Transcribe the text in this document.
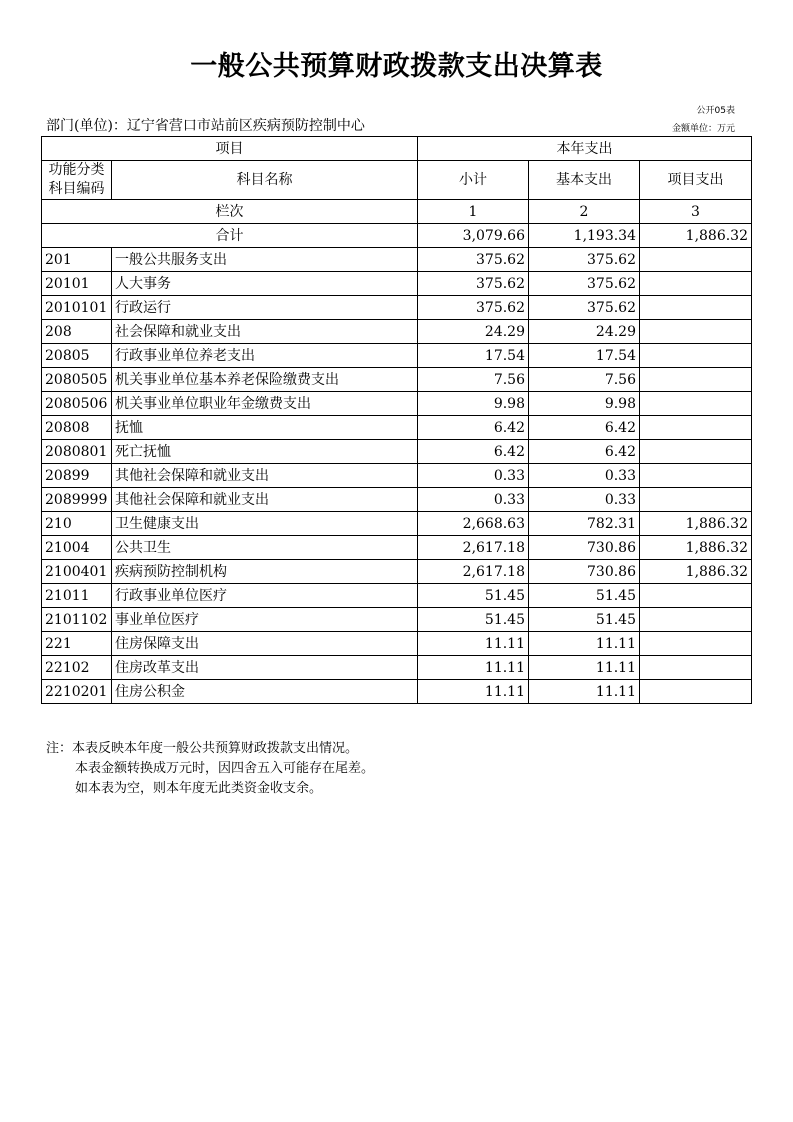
一般公共预算财政拨款支出决算表
公开05表
部门(单位)：辽宁省营口市站前区疾病预防控制中心	金额单位：万元
项目		本年支出		
功能分类科目编码	科目名称	小计	基本支出	项目支出
栏次		1	2	3
合计		3,079.66	1,193.34	1,886.32
201	一般公共服务支出	375.62	375.62	
20101	人大事务	375.62	375.62	
2010101	行政运行	375.62	375.62	
208	社会保障和就业支出	24.29	24.29	
20805	行政事业单位养老支出	17.54	17.54	
2080505	机关事业单位基本养老保险缴费支出	7.56	7.56	
2080506	机关事业单位职业年金缴费支出	9.98	9.98	
20808	抚恤	6.42	6.42	
2080801	死亡抚恤	6.42	6.42	
20899	其他社会保障和就业支出	0.33	0.33	
2089999	其他社会保障和就业支出	0.33	0.33	
210	卫生健康支出	2,668.63	782.31	1,886.32
21004	公共卫生	2,617.18	730.86	1,886.32
2100401	疾病预防控制机构	2,617.18	730.86	1,886.32
21011	行政事业单位医疗	51.45	51.45	
2101102	事业单位医疗	51.45	51.45	
221	住房保障支出	11.11	11.11	
22102	住房改革支出	11.11	11.11	
2210201	住房公积金	11.11	11.11	
注：本表反映本年度一般公共预算财政拨款支出情况。
本表金额转换成万元时，因四舍五入可能存在尾差。
如本表为空，则本年度无此类资金收支余。
